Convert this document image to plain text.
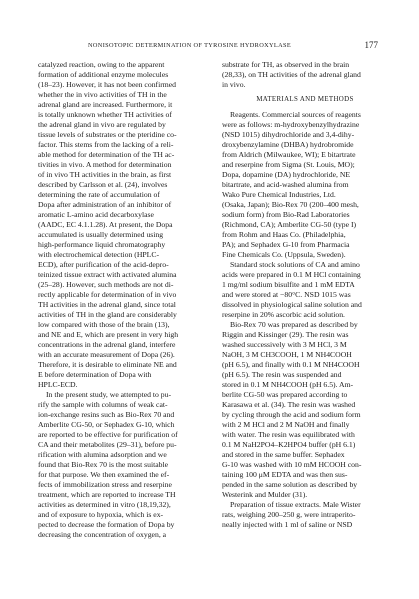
NONISOTOPIC DETERMINATION OF TYROSINE HYDROXYLASE	177
catalyzed reaction, owing to the apparent
formation of additional enzyme molecules
(18–23). However, it has not been confirmed
whether the in vivo activities of TH in the
adrenal gland are increased. Furthermore, it
is totally unknown whether TH activities of
the adrenal gland in vivo are regulated by
tissue levels of substrates or the pteridine co-
factor. This stems from the lacking of a reli-
able method for determination of the TH ac-
tivities in vivo. A method for determination
of in vivo TH activities in the brain, as first
described by Carlsson et al. (24), involves
determining the rate of accumulation of
Dopa after administration of an inhibitor of
aromatic L-amino acid decarboxylase
(AADC, EC 4.1.1.28). At present, the Dopa
accumulated is usually determined using
high-performance liquid chromatography
with electrochemical detection (HPLC-
ECD), after purification of the acid-depro-
teinized tissue extract with activated alumina
(25–28). However, such methods are not di-
rectly applicable for determination of in vivo
TH activities in the adrenal gland, since total
activities of TH in the gland are considerably
low compared with those of the brain (13),
and NE and E, which are present in very high
concentrations in the adrenal gland, interfere
with an accurate measurement of Dopa (26).
Therefore, it is desirable to eliminate NE and
E before determination of Dopa with
HPLC-ECD.
In the present study, we attempted to pu-
rify the sample with columns of weak cat-
ion-exchange resins such as Bio-Rex 70 and
Amberlite CG-50, or Sephadex G-10, which
are reported to be effective for purification of
CA and their metabolites (29–31), before pu-
rification with alumina adsorption and we
found that Bio-Rex 70 is the most suitable
for that purpose. We then examined the ef-
fects of immobilization stress and reserpine
treatment, which are reported to increase TH
activities as determined in vitro (18,19,32),
and of exposure to hypoxia, which is ex-
pected to decrease the formation of Dopa by
decreasing the concentration of oxygen, a
substrate for TH, as observed in the brain
(28,33), on TH activities of the adrenal gland
in vivo.
MATERIALS AND METHODS
Reagents. Commercial sources of reagents
were as follows: m-hydroxybenzylhydrazine
(NSD 1015) dihydrochloride and 3,4-dihy-
droxybenzylamine (DHBA) hydrobromide
from Aldrich (Milwaukee, WI); E bitartrate
and reserpine from Sigma (St. Louis, MO);
Dopa, dopamine (DA) hydrochloride, NE
bitartrate, and acid-washed alumina from
Wako Pure Chemical Industries, Ltd.
(Osaka, Japan); Bio-Rex 70 (200–400 mesh,
sodium form) from Bio-Rad Laboratories
(Richmond, CA); Amberlite CG-50 (type I)
from Rohm and Haas Co. (Philadelphia,
PA); and Sephadex G-10 from Pharmacia
Fine Chemicals Co. (Uppsula, Sweden).
Standard stock solutions of CA and amino
acids were prepared in 0.1 M HCl containing
1 mg/ml sodium bisulfite and 1 mM EDTA
and were stored at −80°C. NSD 1015 was
dissolved in physiological saline solution and
reserpine in 20% ascorbic acid solution.
Bio-Rex 70 was prepared as described by
Riggin and Kissinger (29). The resin was
washed successively with 3 M HCl, 3 M
NaOH, 3 M CH3COOH, 1 M NH4COOH
(pH 6.5), and finally with 0.1 M NH4COOH
(pH 6.5). The resin was suspended and
stored in 0.1 M NH4COOH (pH 6.5). Am-
berlite CG-50 was prepared according to
Karasawa et al. (34). The resin was washed
by cycling through the acid and sodium form
with 2 M HCl and 2 M NaOH and finally
with water. The resin was equilibrated with
0.1 M NaH2PO4–K2HPO4 buffer (pH 6.1)
and stored in the same buffer. Sephadex
G-10 was washed with 10 mM HCOOH con-
taining 100 μM EDTA and was then sus-
pended in the same solution as described by
Westerink and Mulder (31).
Preparation of tissue extracts. Male Wister
rats, weighing 200–250 g, were intraperito-
neally injected with 1 ml of saline or NSD
